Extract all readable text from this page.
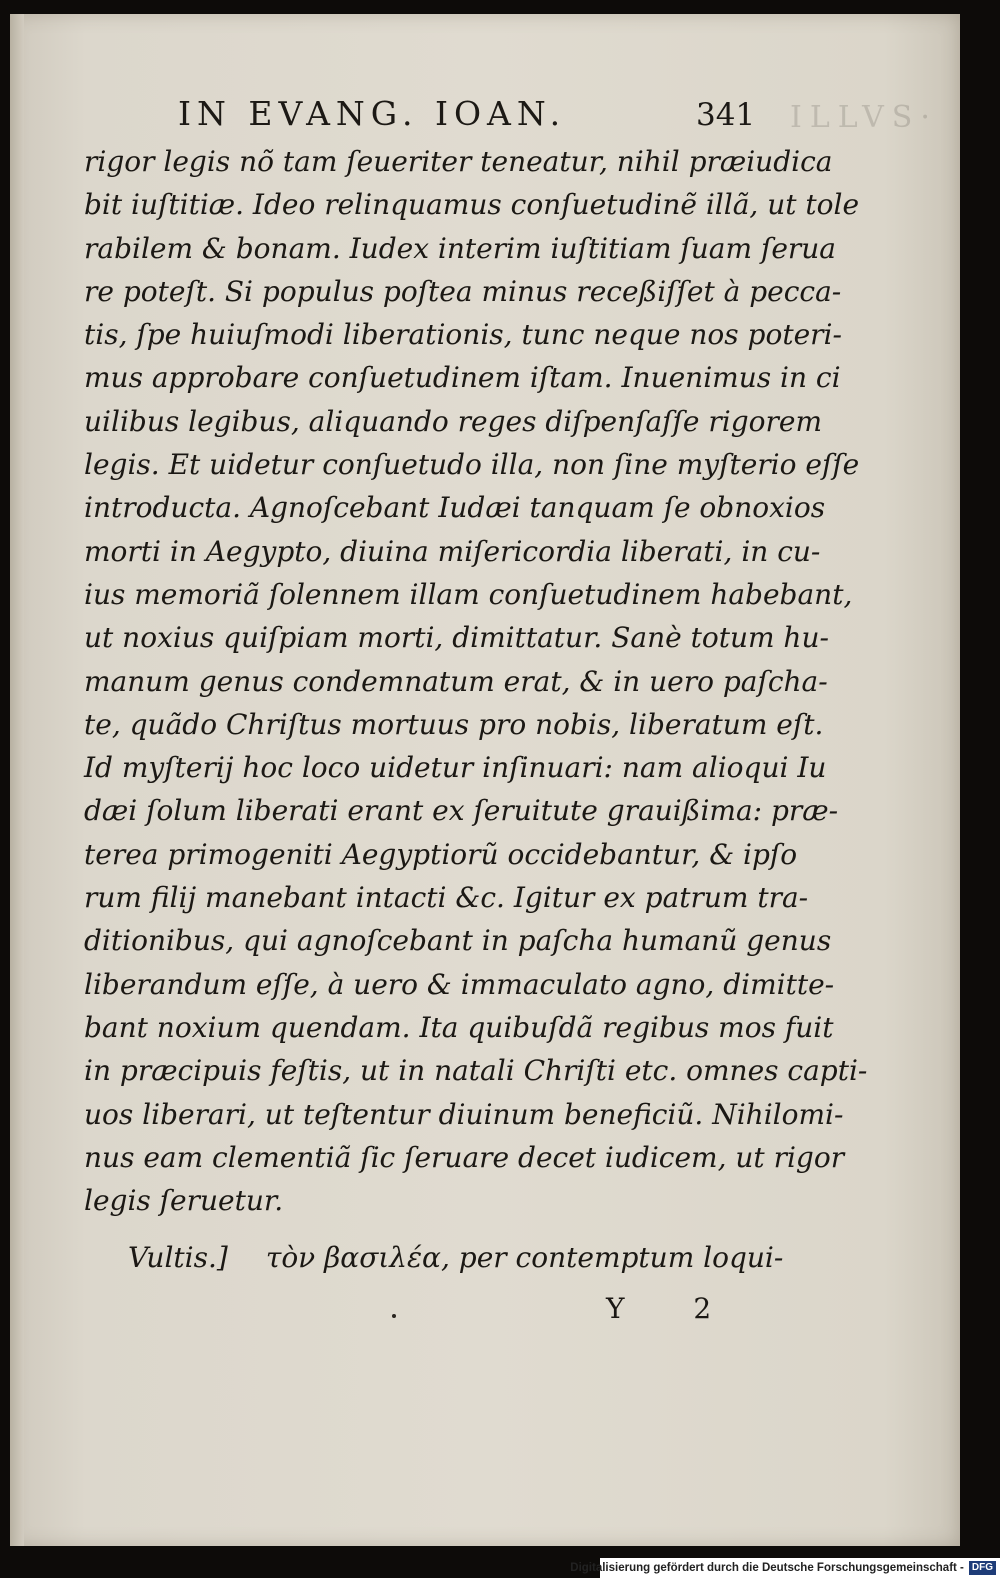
IN EVANG. IOAN.	341 ILLVS·
rigor legis nõ tam ſeueriter teneatur, nihil præiudica
bit iuſtitiæ. Ideo relinquamus conſuetudinẽ illã, ut tole
rabilem & bonam. Iudex interim iuſtitiam ſuam ſerua
re poteſt. Si populus poſtea minus receßiſſet à pecca-
tis, ſpe huiuſmodi liberationis, tunc neque nos poteri-
mus approbare conſuetudinem iſtam. Inuenimus in ci
uilibus legibus, aliquando reges diſpenſaſſe rigorem
legis. Et uidetur conſuetudo illa, non ſine myſterio eſſe
introducta. Agnoſcebant Iudæi tanquam ſe obnoxios
morti in Aegypto, diuina miſericordia liberati, in cu-
ius memoriã ſolennem illam conſuetudinem habebant,
ut noxius quiſpiam morti, dimittatur. Sanè totum hu-
manum genus condemnatum erat, & in uero paſcha-
te, quãdo Chriſtus mortuus pro nobis, liberatum eſt.
Id myſterij hoc loco uidetur inſinuari: nam alioqui Iu
dæi ſolum liberati erant ex ſeruitute grauißima: præ-
terea primogeniti Aegyptiorũ occidebantur, & ipſo
rum filij manebant intacti &c. Igitur ex patrum tra-
ditionibus, qui agnoſcebant in paſcha humanũ genus
liberandum eſſe, à uero & immaculato agno, dimitte-
bant noxium quendam. Ita quibuſdã regibus mos fuit
in præcipuis feſtis, ut in natali Chriſti etc. omnes capti-
uos liberari, ut teſtentur diuinum beneficiũ. Nihilomi-
nus eam clementiã ſic ſeruare decet iudicem, ut rigor
legis ſeruetur.
Vultis.] τὸν βασιλέα, per contemptum loqui-
Y 2
Digitalisierung gefördert durch die Deutsche Forschungsgemeinschaft - DFG
